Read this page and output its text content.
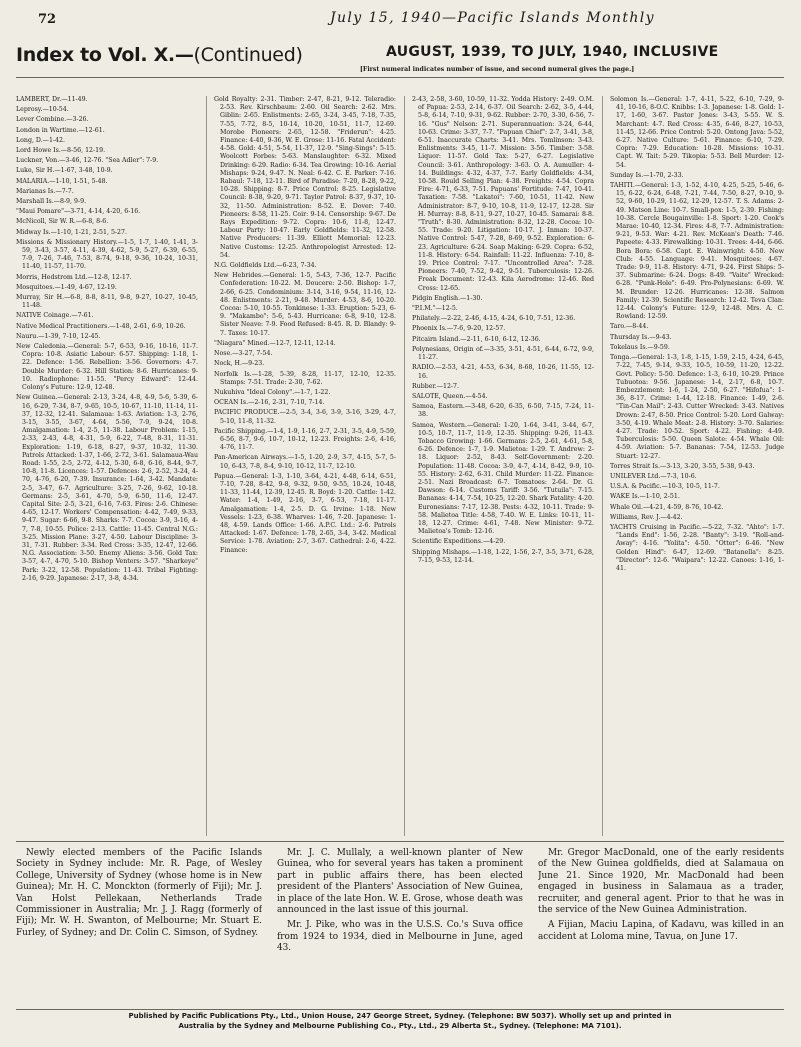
72	July 15, 1940—Pacific Islands Monthly
Index to Vol. X.—(Continued)	AUGUST, 1939, TO JULY, 1940, INCLUSIVE
[First numeral indicates number of issue, and second numeral gives the page.]

LAMBERT, Dr.—11-49.

Leprosy.—10-54.

Lever Combine.—3-26.

London in Wartime.—12-61.

Long, D.—1-42.

Lord Howe Is.—8-56, 12-19.

Luckner, Von.—3-46, 12-76. "Sea Adler": 7-9.

Luke, Sir H.—1-67, 3-48, 10-9.

MALARIA.—1-10, 1-51, 5-48.

Marianas Is.—7-7.

Marshall Is.—8-9, 9-9.

"Maui Pomare"—3-71, 4-14, 4-20, 6-16.

McNicoll, Sir W. R.—6-8, 8-6.

Midway Is.—1-10, 1-21, 2-51, 5-27.

Missions & Missionary History.—1-5, 1-7, 1-40, 1-41, 3-59, 3-43, 3-57, 4-11, 4-39, 4-62, 5-9, 5-27, 6-39, 6-55, 7-9, 7-26, 7-46, 7-53, 8-74, 9-18, 9-36, 10-24, 10-31, 11-40, 11-57, 11-70.

Morris, Hedstrom Ltd.—12-8, 12-17.

Mosquitoes.—1-49, 4-67, 12-19.

Murray, Sir H.—6-8, 8-8, 8-11, 9-8, 9-27, 10-27, 10-45, 11-48.

NATIVE Coinage.—7-61.

Native Medical Practitioners.—1-48, 2-61, 6-9, 10-26.

Nauru.—1-39, 7-10, 12-45.

New Caledonia.—General: 5-7, 6-53, 9-16, 10-16, 11-7. Copra: 10-8. Asiatic Labour: 6-57. Shipping: 1-18, 1-22. Defence: 1-56. Rebellion: 3-56. Governors: 4-7. Double Murder: 6-32. Hill Station: 8-6. Hurricanes: 9-10. Radiophone: 11-55. "Percy Edward": 12-44. Colony's Future: 12-9, 12-48.

New Guinea.—General: 2-13, 3-24, 4-8, 4-9, 5-6, 5-39, 6-16, 6-29, 7-34, 8-7, 9-65, 10-5, 10-67, 11-10, 11-14, 11-37, 12-32, 12-41. Salamaua: 1-63. Aviation: 1-3, 2-76, 3-15, 3-55, 3-67, 4-64, 5-56, 7-9, 9-24, 10-8. Amalgamation: 1-4, 2-5, 11-38. Labour Problem: 1-15, 2-33, 2-43, 4-8, 4-31, 5-9, 6-22, 7-48, 8-31, 11-31. Exploration: 1-19, 6-18, 8-27, 9-37, 10-32, 11-30. Patrols Attacked: 1-37, 1-66, 2-72, 3-61. Salamaua-Wau Road: 1-55, 2-5, 2-72, 4-12, 5-30, 6-8, 6-16, 8-44, 9-7, 10-8, 11-8. Licences: 1-57. Defences: 2-6, 2-52, 3-24, 4-70, 4-76, 6-20, 7-39. Insurance: 1-64, 3-42. Mandate: 2-5, 3-47, 6-7. Agriculture: 3-25, 7-26, 9-62, 10-18. Germans: 2-5, 3-61, 4-70, 5-9, 6-50, 11-6, 12-47. Capital Site: 2-5, 3-21, 6-16, 7-63. Fires: 2-6. Chinese: 4-65, 12-17. Workers' Compensation: 4-42, 7-49, 9-33, 9-47. Sugar: 6-66, 9-8. Sharks: 7-7. Cocoa: 3-9, 3-16, 4-7, 7-8, 10-55. Police: 2-13. Cattle: 11-45. Central N.G.: 3-25. Mission Plane: 3-27, 4-50. Labour Discipline: 3-31, 7-31. Rubber: 3-34. Red Cross: 3-35, 12-47, 12-66. N.G. Association: 3-50. Enemy Aliens: 3-56. Gold Tax: 3-57, 4-7, 4-70, 5-10. Bishop Venters: 3-57. "Sharkeye" Park: 3-22, 12-58. Population: 11-43. Tribal Fighting: 2-16, 9-29. Japanese: 2-17, 3-8, 4-34.

Gold Royalty: 2-31. Timber: 2-47, 8-21, 9-12. Teleradio: 2-53. Rev. Kirschbaum: 2-60. Oil Search: 2-62. Mrs. Giblin: 2-65. Enlistments: 2-65, 3-24, 3-45, 7-18, 7-35, 7-55, 7-72, 8-5, 10-14, 10-20, 10-51, 11-7, 12-69. Morobe Pioneers: 2-65, 12-58. "Friderun": 4-25. Finance: 4-40, 9-36, W. E. Grose: 11-16. Fatal Accident: 4-58. Gold: 4-51, 5-54, 11-37, 12-9. "Sing-Sings": 5-15. Woolcott Forbes: 5-63. Manslaughter: 6-32. Mixed Drinking: 6-29. Radio: 6-34. Tea Growing: 10-16. Aerial Mishaps: 9-24, 9-47. N. Neal: 6-42. C. E. Parker: 7-16. Rabaul: 7-18, 12-11. Bird of Paradise: 7-20, 8-28, 9-22, 10-28. Shipping: 8-7. Price Control: 8-25. Legislative Council: 8-38, 9-20, 9-71. Taylor Patrol: 8-37, 9-37, 10-32, 11-50. Administration: 8-52. E. Dover: 7-40. Pioneers: 8-58, 11-25. Coir: 9-14. Censorship: 9-67. De Rays Expedition: 9-72. Copra: 10-6, 11-8, 12-47. Labour Party: 10-47. Early Goldfields: 11-32, 12-58. Native Producers: 11-39. Elliott Memorial: 12-23. Native Customs: 12-25. Anthropologist Arrested: 12-54.

N.G. Goldfields Ltd.—6-23, 7-34.

New Hebrides.—General: 1-5, 5-43, 7-36, 12-7. Pacific Confederation: 10-22. M. Doucere: 2-50. Bishop: 1-7, 2-66, 6-25. Condominium: 3-14, 3-16, 9-54, 11-16, 12-48. Enlistments: 2-21, 9-48. Murder: 4-53, 8-6, 10-20. Cocoa: 5-10, 10-55. Tonkinese: 1-33. Eruption: 5-23, 6-9. "Makambo": 5-6, 5-43. Hurricane: 6-8, 9-10, 12-8. Sister Neave: 7-9. Food Refused: 8-45. R. D. Blandy: 9-7. Taxes: 10-17.

"Niagara" Mined.—12-7, 12-11, 12-14.

Nose.—3-27, 7-54.

Nock, H.—9-23.

Norfolk Is.—1-28, 5-39, 8-28, 11-17, 12-10, 12-35. Stamps: 7-51. Trade: 2-30, 7-62.

Nukuhiva "Ideal Colony".—1-7, 1-22.

OCEAN Is.—2-16, 2-31, 7-10, 7-14.

PACIFIC PRODUCE.—2-5, 3-4, 3-6, 3-9, 3-16, 3-29, 4-7, 5-10, 11-8, 11-32.

Pacific Shipping.—1-4, 1-9, 1-16, 2-7, 2-31, 3-5, 4-9, 5-59, 6-56, 8-7, 9-6, 10-7, 10-12, 12-23. Freights: 2-6, 4-16, 4-76, 11-7.

Pan-American Airways.—1-5, 1-20, 2-9, 3-7, 4-15, 5-7, 5-10, 6-43, 7-8, 8-4, 9-10, 10-12, 11-7, 12-10.

Papua.—General: 1-3, 1-10, 3-64, 4-21, 4-48, 6-14, 6-51, 7-10, 7-28, 8-42, 9-8, 9-32, 9-50, 9-55, 10-24, 10-48, 11-33, 11-44, 12-39, 12-45. R. Boyd: 1-20. Cattle: 1-42. Water: 1-4, 1-49, 2-16, 3-7, 6-53, 7-18, 11-17. Amalgamation: 1-4, 2-5. D. G. Irvine: 1-18. New Vessels: 1-23, 6-38. Wharves: 1-46, 7-20. Japanese: 1-48, 4-59. Lands Office: 1-66. A.P.C. Ltd.: 2-6. Patrols Attacked: 1-67. Defence: 1-78, 2-65, 3-4, 3-42. Medical Service: 1-78. Aviation: 2-7, 3-67. Cathedral: 2-6, 4-22. Finance:

2-43, 2-58, 3-60, 10-59, 11-32. Yodda History: 2-49. O.M. of Papua: 2-53, 2-14, 6-37. Oil Search: 2-62, 3-5, 4-44, 5-8, 6-14, 7-10, 9-31, 9-62. Rubber: 2-70, 3-30, 6-56, 7-16. "Gus" Nelson: 2-71. Superannuation: 3-24, 6-44, 10-63. Crime: 3-37, 7-7. "Papuan Chief": 2-7, 3-41, 3-8, 6-51. Inaccurate Charts: 3-41. Mrs. Tomlinson: 3-43. Enlistments: 3-45, 11-7. Mission: 3-56. Timber: 3-58. Liquor: 11-57. Gold Tax: 5-27, 6-27. Legislative Council: 3-61. Anthropology: 3-63. O. A. Aumuller: 4-14. Buildings: 4-32, 4-37, 7-7. Early Goldfields: 4-34, 10-58. Rould Selling Plan: 4-38. Freights: 4-54. Copra Fire: 4-71, 6-33, 7-51. Papuans' Fortitude: 7-47, 10-41. Taxation: 7-58. "Lakatoi": 7-60, 10-51, 11-42. New Administrator: 8-7, 9-10, 10-8, 11-9, 12-17, 12-28. Sir H. Murray: 8-8, 8-11, 9-27, 10-27, 10-45. Samarai: 8-8. "Truth": 8-30. Administration: 8-32, 12-28. Cocoa: 10-55. Trade: 9-20. Litigation: 10-17. J. Inman: 10-37. Native Control: 5-47, 7-28, 8-69, 9-52. Exploration: 6-23. Agriculture: 6-24. Soap Making: 6-29. Copra: 6-52, 11-8. History: 6-54. Rainfall: 11-22. Influenza: 7-10, 8-19. Price Control: 7-17. "Uncontrolled Area": 7-28. Pioneers: 7-40, 7-52, 9-42, 9-51. Tuberculosis: 12-26. Freak Document: 12-43. Kila Aerodrome: 12-46. Red Cross: 12-65.

Pidgin English.—1-30.

"P.I.M."—12-5.

Philately.—2-22, 2-46, 4-15, 4-24, 6-10, 7-51, 12-36.

Phoenix Is.—7-6, 9-20, 12-57.

Pitcairn Island.—2-11, 6-10, 6-12, 12-36.

Polynesians, Origin of.—3-35, 3-51, 4-51, 6-44, 6-72, 9-9, 11-27.

RADIO.—2-53, 4-21, 4-53, 6-34, 8-68, 10-26, 11-55, 12-16.

Rubber.—12-7.

SALOTE, Queen.—4-54.

Samoa, Eastern.—3-48, 6-20, 6-35, 6-50, 7-15, 7-24, 11-38.

Samoa, Western.—General: 1-20, 1-64, 3-41, 3-44, 6-7, 10-5, 10-7, 11-7, 11-9, 12-35. Shipping: 9-26, 11-43. Tobacco Growing: 1-66. Germans: 2-5, 2-61, 4-61, 5-8, 6-26. Defence: 1-7, 1-9. Malietoa: 1-29. T. Andrew: 2-18. Liquor: 2-52, 8-43. Self-Government: 2-20. Population: 11-48. Cocoa: 3-9, 4-7, 4-14, 8-42, 9-9, 10-55. History: 2-62, 6-31. Child Murder: 11-22. Finance: 2-51. Nazi Broadcast: 6-7. Tomatoes: 2-64. Dr. G. Dawson: 6-14. Customs Tariff: 3-56. "Tutuila": 7-15. Bananas: 4-14, 7-54, 10-25, 12-20. Shark Fatality: 4-20. Euronesians: 7-17, 12-38. Pests: 4-32, 10-11. Trade: 9-58. Malietoa Title: 4-58, 7-40. W. E. Links: 10-11, 11-18, 12-27. Crime: 4-61, 7-48. New Minister: 9-72. Malietoa's Tomb: 12-16.

Scientific Expeditions.—4-29.

Shipping Mishaps.—1-18, 1-22, 1-56, 2-7, 3-5, 3-71, 6-28, 7-15, 9-53, 12-14.

Solomon Is.—General: 1-7, 4-11, 5-22, 6-10, 7-29, 9-41, 10-16, 8-O.C. Knibbs: 1-3. Japanese: 1-8. Gold: 1-17, 1-60, 3-67. Pastor Jones: 3-43, 5-55. W. S. Marchant: 4-7. Red Cross: 4-35, 6-46, 8-27, 10-53, 11-45, 12-66. Price Control: 5-20. Ontong Java: 5-52, 6-27. Native Culture: 5-61. Finance: 6-10, 7-29. Copra: 7-29. Education: 10-28. Missions: 10-31. Capt. W. Tait: 5-29. Tikopia: 5-53. Bell Murder: 12-54.

Sunday Is.—1-70, 2-33.

TAHITI.—General: 1-3, 1-52, 4-10, 4-25, 5-25, 5-46, 6-15, 6-22, 6-24, 6-48, 7-21, 7-44, 7-50, 8-27, 9-10, 9-52, 9-60, 10-29, 11-62, 12-29, 12-57. T. S. Adams: 2-49. Matson Line: 10-7. Small-pox: 1-5, 2-39. Fishing: 10-38. Cercle Bougainville: 1-8. Sport: 1-20. Cook's Marae: 10-40, 12-34. Fires: 4-8, 7-7. Administration: 9-21, 9-53. War: 4-21. Rev. McKean's Death: 7-46. Papeete: 4-33. Firewalking: 10-31. Trees: 4-44, 6-66. Bora Bora: 6-58. Capt. E. Wainwright: 4-50. New Club: 4-55. Language: 9-41. Mosquitoes: 4-67. Trade: 9-9, 11-8. History: 4-71, 9-24. First Ships: 5-37. Submarine: 6-24. Dogs: 8-49. "Vaite" Wrecked: 6-28. "Punk-Hole": 6-49. Pro-Polynesians: 6-69. W. M. Brunder: 12-26. Hurricanes: 12-38. Salmon Family: 12-39. Scientific Research: 12-42. Teva Clan: 12-44. Colony's Future: 12-9, 12-48. Mrs. A. C. Rowland: 12-59.

Taro.—8-44.

Thursday Is.—9-43.

Tokelaus Is.—9-59.

Tonga.—General: 1-3, 1-8, 1-15, 1-59, 2-15, 4-24, 6-45, 7-22, 7-45, 9-14, 9-33, 10-5, 10-59, 11-20, 12-22. Govt. Policy: 5-50. Defence: 1-3, 6-10, 10-29. Prince Tubuotoa: 9-56. Japanese: 1-4, 2-17, 6-8, 10-7. Embezzlement: 1-6, 1-24, 2-50, 6-27. "Hifofua": 1-36, 8-17. Crime: 1-44, 12-18. Finance: 1-49, 2-6. "Tin-Can Mail": 2-43. Cutter Wrecked: 3-43. Natives Drown: 2-47, 8-50. Price Control: 5-20. Lord Galway: 3-50, 4-19. Whale Meat: 2-8. History: 3-70. Salaries: 4-27. Trade: 10-52. Sport: 4-22. Fishing: 4-49. Tuberculosis: 5-50. Queen Salote: 4-54. Whale Oil: 4-59. Aviation: 5-7. Bananas: 7-54, 12-53. Judge Stuart: 12-27.

Torres Strait Is.—3-13, 3-20, 3-55, 5-38, 9-43.

UNILEVER Ltd.—7-3, 10-6.

U.S.A. & Pacific.—10-3, 10-5, 11-7.

WAKE Is.—1-10, 2-51.

Whale Oil.—4-21, 4-59, 8-76, 10-42.

Williams, Rev. J.—4-42.

YACHTS Cruising in Pacific.—5-22, 7-32. "Ahto": 1-7. "Lands End": 1-56, 2-28. "Banty": 3-19. "Roll-and-Away": 4-16. "Yolita": 4-50. "Otter": 6-46. "New Golden Hind": 6-47, 12-69. "Batanella": 8-25. "Director": 12-6. "Waipara": 12-22. Canoes: 1-16, 1-41.

Newly elected members of the Pacific Islands Society in Sydney include: Mr. R. Page, of Wesley College, University of Sydney (whose home is in New Guinea); Mr. H. C. Monckton (formerly of Fiji); Mr. J. Van Holst Pellekaan, Netherlands Trade Commissioner in Australia; Mr. J. J. Ragg (formerly of Fiji); Mr. W. H. Swanton, of Melbourne; Mr. Stuart E. Furley, of Sydney; and Dr. Colin C. Simson, of Sydney.

Mr. J. C. Mullaly, a well-known planter of New Guinea, who for several years has taken a prominent part in public affairs there, has been elected president of the Planters' Association of New Guinea, in place of the late Hon. W. E. Grose, whose death was announced in the last issue of this journal.

Mr. J. Pike, who was in the U.S.S. Co.'s Suva office from 1924 to 1934, died in Melbourne in June, aged 43.

Mr. Gregor MacDonald, one of the early residents of the New Guinea goldfields, died at Salamaua on June 21. Since 1920, Mr. MacDonald had been engaged in business in Salamaua as a trader, recruiter, and general agent. Prior to that he was in the service of the New Guinea Administration.

A Fijian, Maciu Lapina, of Kadavu, was killed in an accident at Loloma mine, Tavua, on June 17.

Published by Pacific Publications Pty., Ltd., Union House, 247 George Street, Sydney. (Telephone: BW 5037). Wholly set up and printed in
Australia by the Sydney and Melbourne Publishing Co., Pty., Ltd., 29 Alberta St., Sydney. (Telephone: MA 7101).
